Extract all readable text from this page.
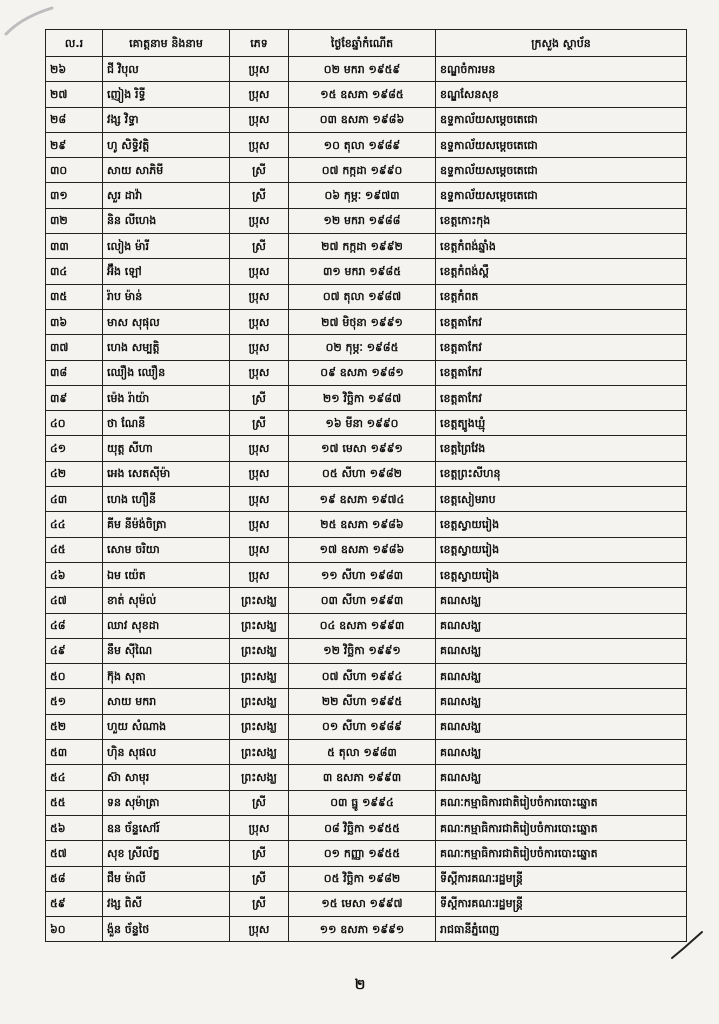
ល.រ	គោត្តនាម និងនាម	ភេទ	ថ្ងៃខែឆ្នាំកំណើត	ក្រសួង ស្ថាប័ន
២៦	ជី វិបុល	ប្រុស	០២ មករា ១៩៥៩	ខណ្ឌចំការមន
២៧	ញៀង រិទ្ធី	ប្រុស	១៥ ឧសភា ១៩៨៥	ខណ្ឌសែនសុខ
២៨	វង្ស វិទ្ធា	ប្រុស	០៣ ឧសភា ១៩៨៦	ឧទ្ទកាល័យសម្តេចតេជោ
២៩	ហូ សិទ្ធិវត្តិ	ប្រុស	១០ តុលា ១៩៨៩	ឧទ្ទកាល័យសម្តេចតេជោ
៣០	សាយ សាភិមី	ស្រី	០៧ កក្កដា ១៩៩០	ឧទ្ទកាល័យសម្តេចតេជោ
៣១	សួរ ដាវ៉ា	ស្រី	០៦ កុម្ភៈ ១៩៧៣	ឧទ្ទកាល័យសម្តេចតេជោ
៣២	និន លីហេង	ប្រុស	១២ មករា ១៩៨៨	ខេត្តកោះកុង
៣៣	លៀង ម៉ារី	ស្រី	២៧ កក្កដា ១៩៩២	ខេត្តកំពង់ឆ្នាំង
៣៤	អ៊ឹង ឡៅ	ប្រុស	៣១ មករា ១៩៨៥	ខេត្តកំពង់ស្ពឺ
៣៥	រ៉ាប ម៉ាន់	ប្រុស	០៧ តុលា ១៩៨៧	ខេត្តកំពត
៣៦	មាស សុផុល	ប្រុស	២៧ មិថុនា ១៩៩១	ខេត្តតាកែវ
៣៧	ហេង សម្បត្តិ	ប្រុស	០២ កុម្ភៈ ១៩៨៥	ខេត្តតាកែវ
៣៨	ឈឿង ឈឿន	ប្រុស	០៩ ឧសភា ១៩៨១	ខេត្តតាកែវ
៣៩	ម៉េង រ៉ាយ៉ា	ស្រី	២១ វិច្ឆិកា ១៩៨៧	ខេត្តតាកែវ
៤០	ថា ណែនី	ស្រី	១៦ មីនា ១៩៩០	ខេត្តត្បូងឃ្មុំ
៤១	យុត្ត សីហា	ប្រុស	១៧ មេសា ១៩៩១	ខេត្តព្រៃវែង
៤២	អេង សេតស៊ីម៉ា	ប្រុស	០៥ សីហា ១៩៨២	ខេត្តព្រះសីហនុ
៤៣	ហេង ហឿនី	ប្រុស	១៩ ឧសភា ១៩៧៤	ខេត្តសៀមរាប
៤៤	គីម នីម៉ង់ចិត្រា	ប្រុស	២៥ ឧសភា ១៩៨៦	ខេត្តស្វាយរៀង
៤៥	សោម ចរិយា	ប្រុស	១៧ ឧសភា ១៩៨៦	ខេត្តស្វាយរៀង
៤៦	ឯម យ៉េត	ប្រុស	១១ សីហា ១៩៨៣	ខេត្តស្វាយរៀង
៤៧	ខាត់ សុម៉ល់	ព្រះសង្ឃ	០៣ សីហា ១៩៩៣	គណសង្ឃ
៤៨	ឈាវ សុខដា	ព្រះសង្ឃ	០៤ ឧសភា ១៩៩៣	គណសង្ឃ
៤៩	នឹម ស៊ីណៃ	ព្រះសង្ឃ	១២ វិច្ឆិកា ១៩៩១	គណសង្ឃ
៥០	ក៊ុង សុតា	ព្រះសង្ឃ	០៧ សីហា ១៩៩៤	គណសង្ឃ
៥១	សាយ មករា	ព្រះសង្ឃ	២២ សីហា ១៩៩៥	គណសង្ឃ
៥២	ហួយ សំណាង	ព្រះសង្ឃ	០១ សីហា ១៩៨៩	គណសង្ឃ
៥៣	ហ៊ិន សុផល	ព្រះសង្ឃ	៥ តុលា ១៩៨៣	គណសង្ឃ
៥៤	ស៊ា សាមុរ	ព្រះសង្ឃ	៣ ឧសភា ១៩៩៣	គណសង្ឃ
៥៥	ទន សុម៉ាត្រា	ស្រី	០៣ ធ្នូ ១៩៩៤	គណៈកម្មាធិការជាតិរៀបចំការបោះឆ្នោត
៥៦	ឧន ច័ន្ទសៅរ៍	ប្រុស	០៨ វិច្ឆិកា ១៩៥៥	គណៈកម្មាធិការជាតិរៀបចំការបោះឆ្នោត
៥៧	សុខ ស្រីល័ក្ខ	ស្រី	០១ កញ្ញា ១៩៥៥	គណៈកម្មាធិការជាតិរៀបចំការបោះឆ្នោត
៥៨	ជឹម ម៉ាលី	ស្រី	០៥ វិច្ឆិកា ១៩៨២	ទីស្តីការគណៈរដ្ឋមន្ត្រី
៥៩	វង្ស ពិសី	ស្រី	១៥ មេសា ១៩៩៧	ទីស្តីការគណៈរដ្ឋមន្ត្រី
៦០	ង៉ួន ច័ន្ទថៃ	ប្រុស	១១ ឧសភា ១៩៩១	រាជធានីភ្នំពេញ
២
